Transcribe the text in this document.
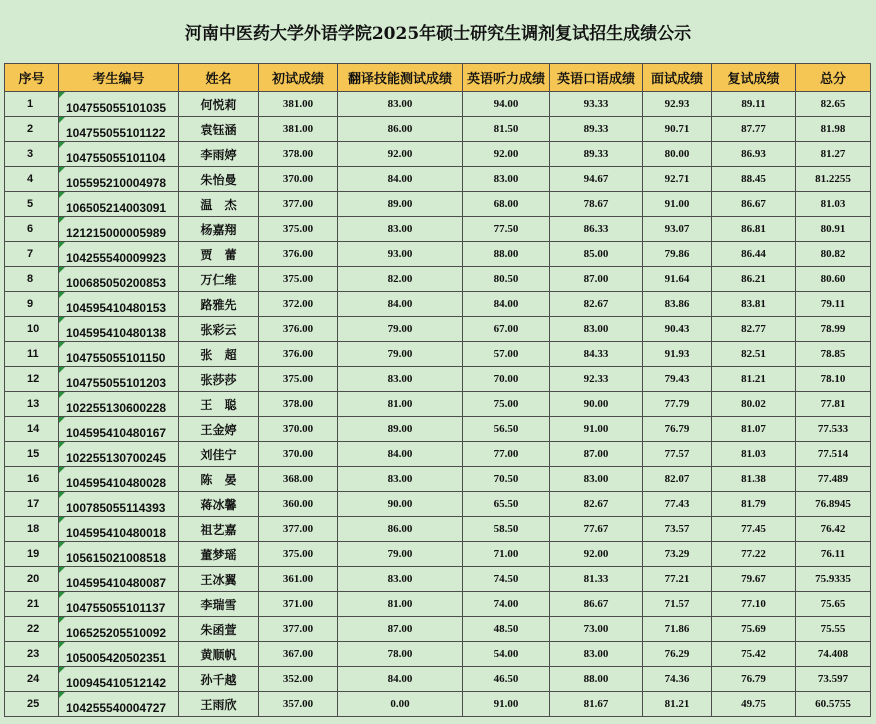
河南中医药大学外语学院2025年硕士研究生调剂复试招生成绩公示
序号	考生编号	姓名	初试成绩	翻译技能测试成绩	英语听力成绩	英语口语成绩	面试成绩	复试成绩	总分
1	104755055101035	何悦莉	381.00	83.00	94.00	93.33	92.93	89.11	82.65
2	104755055101122	袁钰涵	381.00	86.00	81.50	89.33	90.71	87.77	81.98
3	104755055101104	李雨婷	378.00	92.00	92.00	89.33	80.00	86.93	81.27
4	105595210004978	朱怡曼	370.00	84.00	83.00	94.67	92.71	88.45	81.2255
5	106505214003091	温 杰	377.00	89.00	68.00	78.67	91.00	86.67	81.03
6	121215000005989	杨嘉翔	375.00	83.00	77.50	86.33	93.07	86.81	80.91
7	104255540009923	贾 蕾	376.00	93.00	88.00	85.00	79.86	86.44	80.82
8	100685050200853	万仁维	375.00	82.00	80.50	87.00	91.64	86.21	80.60
9	104595410480153	路雅先	372.00	84.00	84.00	82.67	83.86	83.81	79.11
10	104595410480138	张彩云	376.00	79.00	67.00	83.00	90.43	82.77	78.99
11	104755055101150	张 超	376.00	79.00	57.00	84.33	91.93	82.51	78.85
12	104755055101203	张莎莎	375.00	83.00	70.00	92.33	79.43	81.21	78.10
13	102255130600228	王 聪	378.00	81.00	75.00	90.00	77.79	80.02	77.81
14	104595410480167	王金婷	370.00	89.00	56.50	91.00	76.79	81.07	77.533
15	102255130700245	刘佳宁	370.00	84.00	77.00	87.00	77.57	81.03	77.514
16	104595410480028	陈 晏	368.00	83.00	70.50	83.00	82.07	81.38	77.489
17	100785055114393	蒋冰馨	360.00	90.00	65.50	82.67	77.43	81.79	76.8945
18	104595410480018	祖艺嘉	377.00	86.00	58.50	77.67	73.57	77.45	76.42
19	105615021008518	董梦瑶	375.00	79.00	71.00	92.00	73.29	77.22	76.11
20	104595410480087	王冰翼	361.00	83.00	74.50	81.33	77.21	79.67	75.9335
21	104755055101137	李瑞雪	371.00	81.00	74.00	86.67	71.57	77.10	75.65
22	106525205510092	朱函萱	377.00	87.00	48.50	73.00	71.86	75.69	75.55
23	105005420502351	黄顺帆	367.00	78.00	54.00	83.00	76.29	75.42	74.408
24	100945410512142	孙千越	352.00	84.00	46.50	88.00	74.36	76.79	73.597
25	104255540004727	王雨欣	357.00	0.00	91.00	81.67	81.21	49.75	60.5755
